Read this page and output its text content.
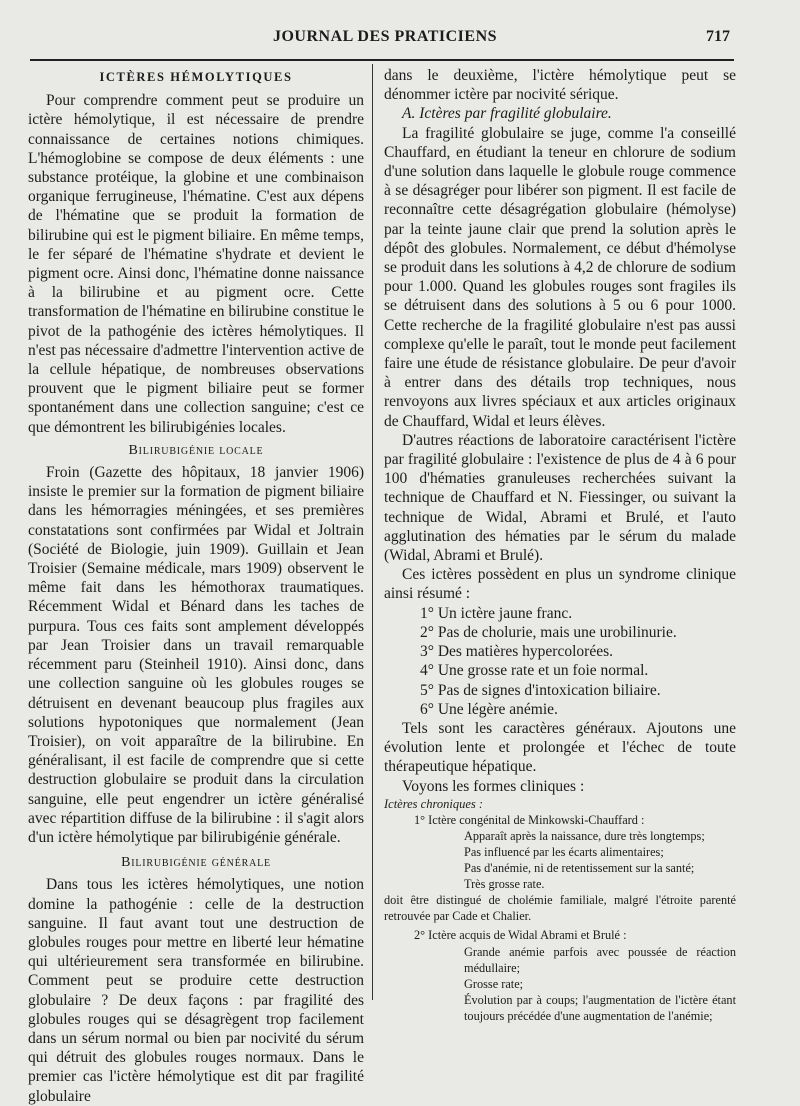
JOURNAL DES PRATICIENS	717
ICTÈRES HÉMOLYTIQUES

Pour comprendre comment peut se produire un ictère hémolytique, il est nécessaire de prendre connaissance de certaines notions chimiques. L'hémoglobine se compose de deux éléments : une substance protéique, la globine et une combinaison organique ferrugineuse, l'hématine. C'est aux dépens de l'hématine que se produit la formation de bilirubine qui est le pigment biliaire. En même temps, le fer séparé de l'hématine s'hydrate et devient le pigment ocre. Ainsi donc, l'hématine donne naissance à la bilirubine et au pigment ocre. Cette transformation de l'hématine en bilirubine constitue le pivot de la pathogénie des ictères hémolytiques. Il n'est pas nécessaire d'admettre l'intervention active de la cellule hépatique, de nombreuses observations prouvent que le pigment biliaire peut se former spontanément dans une collection sanguine; c'est ce que démontrent les bilirubigénies locales.

Bilirubigénie locale

Froin (Gazette des hôpitaux, 18 janvier 1906) insiste le premier sur la formation de pigment biliaire dans les hémorragies méningées, et ses premières constatations sont confirmées par Widal et Joltrain (Société de Biologie, juin 1909). Guillain et Jean Troisier (Semaine médicale, mars 1909) observent le même fait dans les hémothorax traumatiques. Récemment Widal et Bénard dans les taches de purpura. Tous ces faits sont amplement développés par Jean Troisier dans un travail remarquable récemment paru (Steinheil 1910). Ainsi donc, dans une collection sanguine où les globules rouges se détruisent en devenant beaucoup plus fragiles aux solutions hypotoniques que normalement (Jean Troisier), on voit apparaître de la bilirubine. En généralisant, il est facile de comprendre que si cette destruction globulaire se produit dans la circulation sanguine, elle peut engendrer un ictère généralisé avec répartition diffuse de la bilirubine : il s'agit alors d'un ictère hémolytique par bilirubigénie générale.

Bilirubigénie générale

Dans tous les ictères hémolytiques, une notion domine la pathogénie : celle de la destruction sanguine. Il faut avant tout une destruction de globules rouges pour mettre en liberté leur hématine qui ultérieurement sera transformée en bilirubine. Comment peut se produire cette destruction globulaire ? De deux façons : par fragilité des globules rouges qui se désagrègent trop facilement dans un sérum normal ou bien par nocivité du sérum qui détruit des globules rouges normaux. Dans le premier cas l'ictère hémolytique est dit par fragilité globulaire

dans le deuxième, l'ictère hémolytique peut se dénommer ictère par nocivité sérique.

A. Ictères par fragilité globulaire.

La fragilité globulaire se juge, comme l'a conseillé Chauffard, en étudiant la teneur en chlorure de sodium d'une solution dans laquelle le globule rouge commence à se désagréger pour libérer son pigment. Il est facile de reconnaître cette désagrégation globulaire (hémolyse) par la teinte jaune clair que prend la solution après le dépôt des globules. Normalement, ce début d'hémolyse se produit dans les solutions à 4,2 de chlorure de sodium pour 1.000. Quand les globules rouges sont fragiles ils se détruisent dans des solutions à 5 ou 6 pour 1000. Cette recherche de la fragilité globulaire n'est pas aussi complexe qu'elle le paraît, tout le monde peut facilement faire une étude de résistance globulaire. De peur d'avoir à entrer dans des détails trop techniques, nous renvoyons aux livres spéciaux et aux articles originaux de Chauffard, Widal et leurs élèves.

D'autres réactions de laboratoire caractérisent l'ictère par fragilité globulaire : l'existence de plus de 4 à 6 pour 100 d'hématies granuleuses recherchées suivant la technique de Chauffard et N. Fiessinger, ou suivant la technique de Widal, Abrami et Brulé, et l'auto agglutination des hématies par le sérum du malade (Widal, Abrami et Brulé).

Ces ictères possèdent en plus un syndrome clinique ainsi résumé :

1° Un ictère jaune franc.

2° Pas de cholurie, mais une urobilinurie.

3° Des matières hypercolorées.

4° Une grosse rate et un foie normal.

5° Pas de signes d'intoxication biliaire.

6° Une légère anémie.

Tels sont les caractères généraux. Ajoutons une évolution lente et prolongée et l'échec de toute thérapeutique hépatique.

Voyons les formes cliniques :

Ictères chroniques :

1° Ictère congénital de Minkowski-Chauffard :

Apparaît après la naissance, dure très longtemps;

Pas influencé par les écarts alimentaires;

Pas d'anémie, ni de retentissement sur la santé;

Très grosse rate.

doit être distingué de cholémie familiale, malgré l'étroite parenté retrouvée par Cade et Chalier.

2° Ictère acquis de Widal Abrami et Brulé :

Grande anémie parfois avec poussée de réaction médullaire;

Grosse rate;

Évolution par à coups; l'augmentation de l'ictère étant toujours précédée d'une augmentation de l'anémie;
